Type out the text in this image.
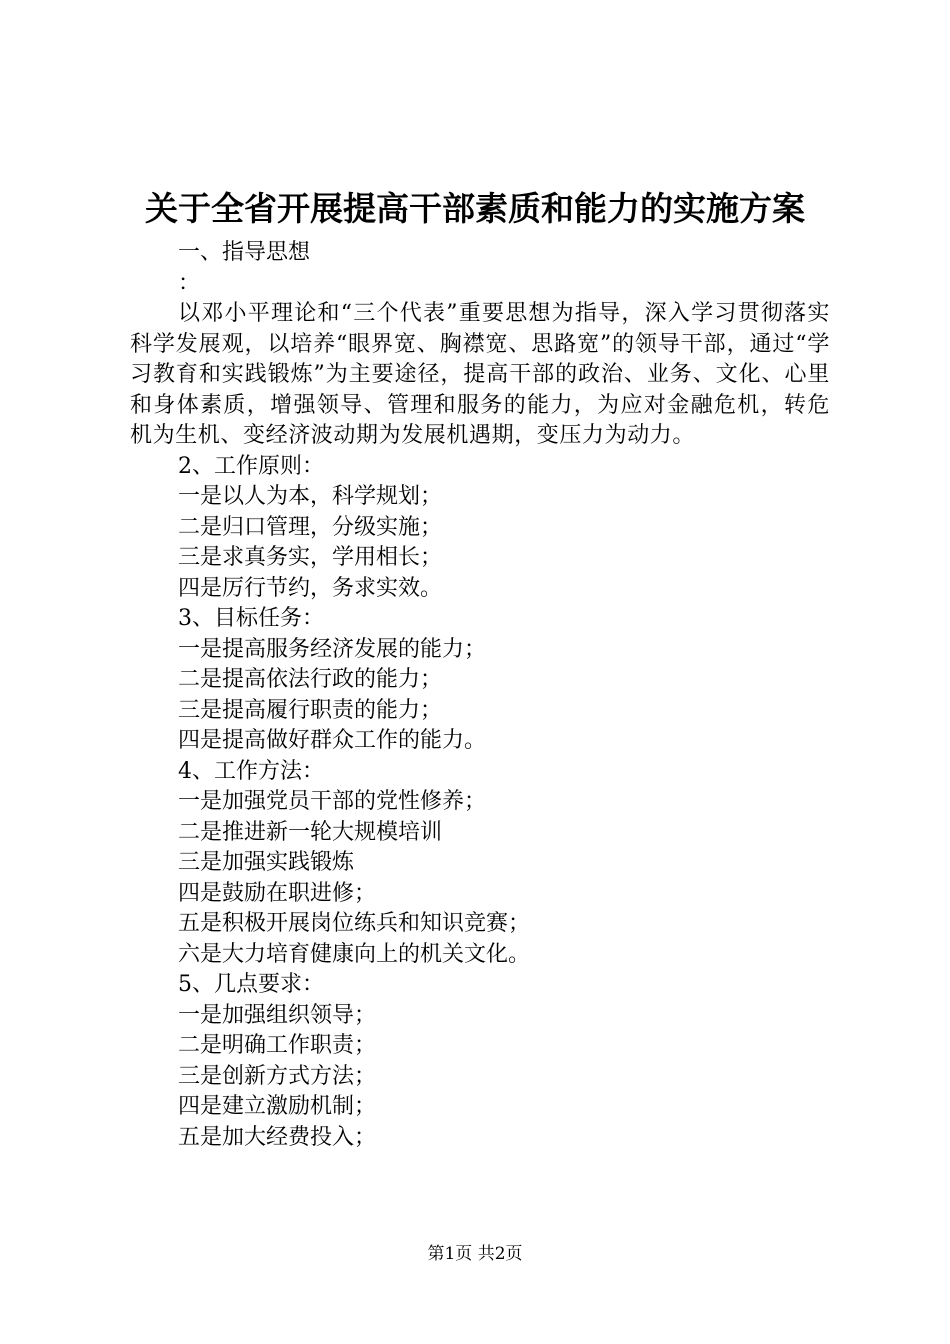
关于全省开展提高干部素质和能力的实施方案
一、指导思想
：
以邓小平理论和“三个代表”重要思想为指导，深入学习贯彻落实科学发展观，以培养“眼界宽、胸襟宽、思路宽”的领导干部，通过“学习教育和实践锻炼”为主要途径，提高干部的政治、业务、文化、心里和身体素质，增强领导、管理和服务的能力，为应对金融危机，转危机为生机、变经济波动期为发展机遇期，变压力为动力。
2、工作原则：
一是以人为本，科学规划；
二是归口管理，分级实施；
三是求真务实，学用相长；
四是厉行节约，务求实效。
3、目标任务：
一是提高服务经济发展的能力；
二是提高依法行政的能力；
三是提高履行职责的能力；
四是提高做好群众工作的能力。
4、工作方法：
一是加强党员干部的党性修养；
二是推进新一轮大规模培训
三是加强实践锻炼
四是鼓励在职进修；
五是积极开展岗位练兵和知识竞赛；
六是大力培育健康向上的机关文化。
5、几点要求：
一是加强组织领导；
二是明确工作职责；
三是创新方式方法；
四是建立激励机制；
五是加大经费投入；
第1页 共2页
